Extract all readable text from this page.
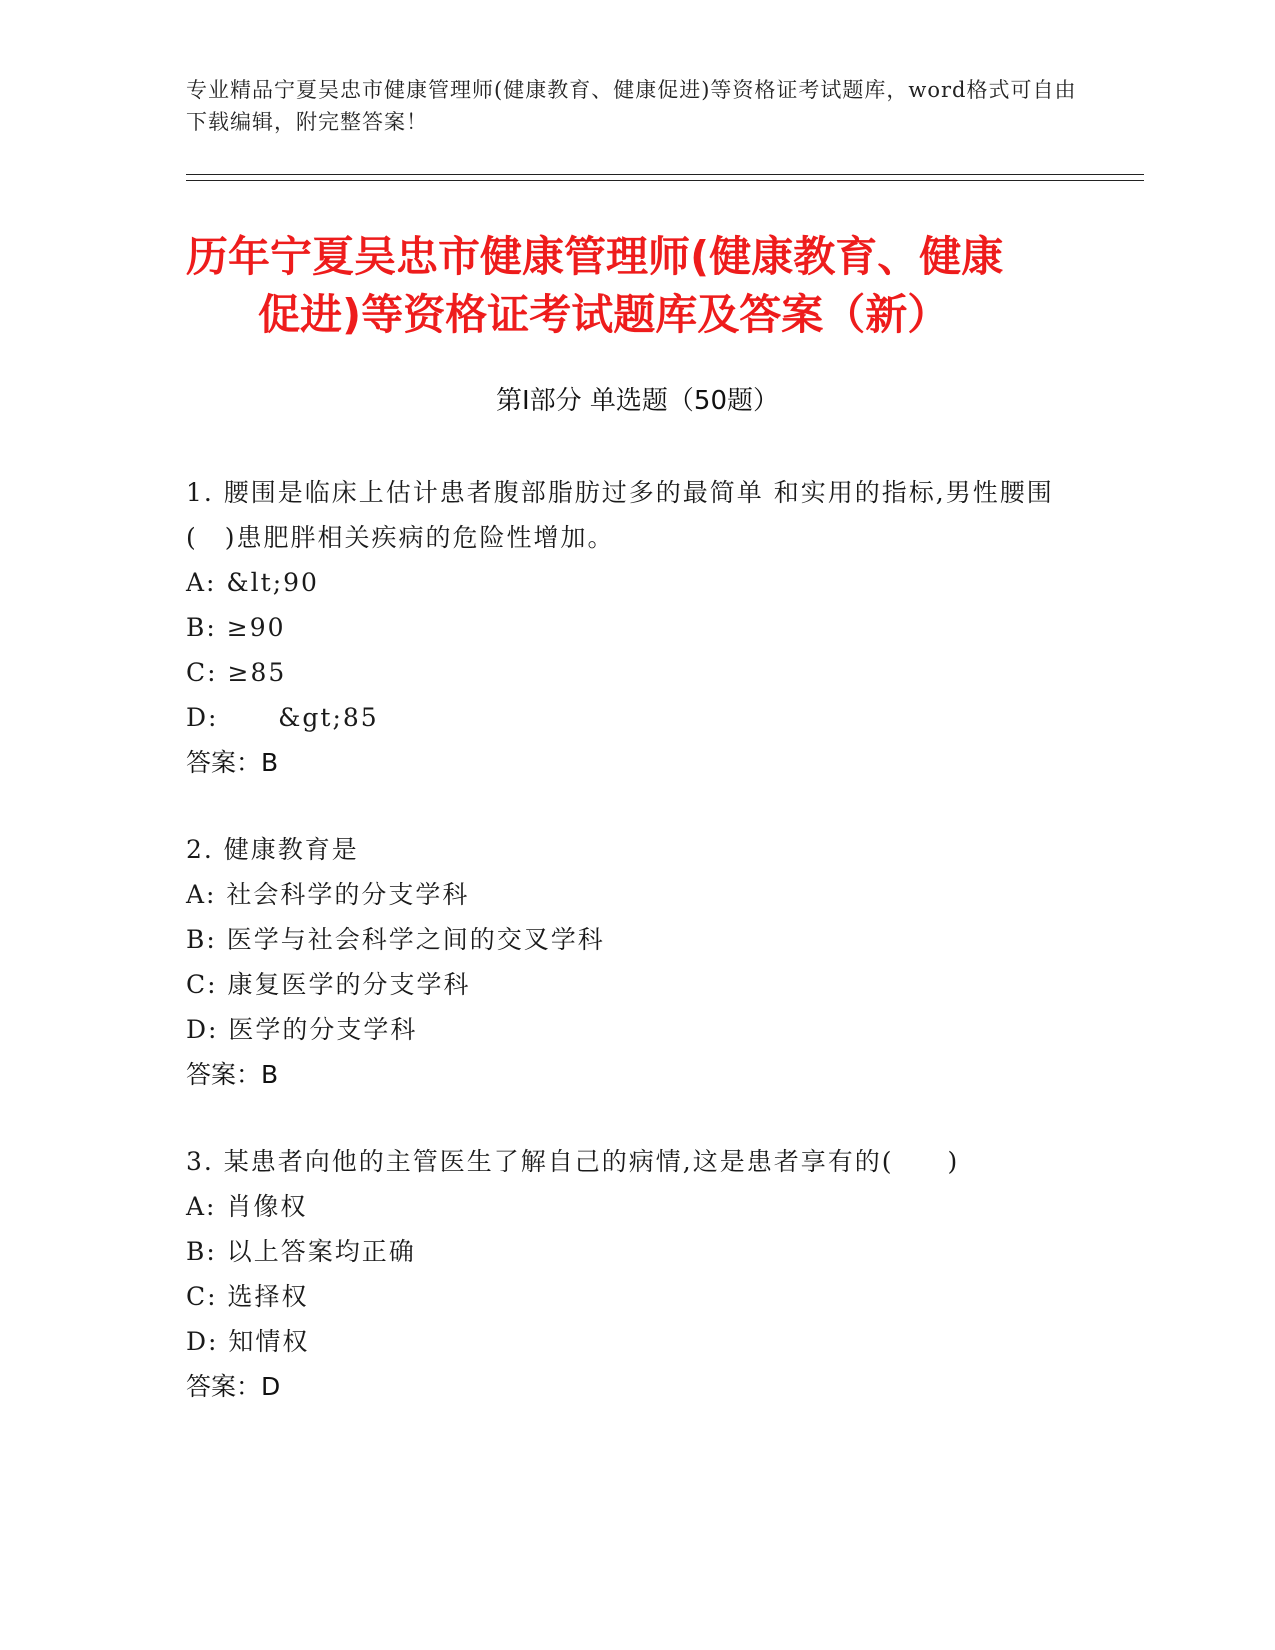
专业精品宁夏吴忠市健康管理师(健康教育、健康促进)等资格证考试题库，word格式可自由下载编辑，附完整答案！
历年宁夏吴忠市健康管理师(健康教育、健康
促进)等资格证考试题库及答案（新）
第Ⅰ部分 单选题（50题）
1. 腰围是临床上估计患者腹部脂肪过多的最简单 和实用的指标,男性腰围(　)患肥胖相关疾病的危险性增加。
A: &lt;90
B: ≥90
C: ≥85
D:      &gt;85
答案：B
2. 健康教育是
A: 社会科学的分支学科
B: 医学与社会科学之间的交叉学科
C: 康复医学的分支学科
D: 医学的分支学科
答案：B
3. 某患者向他的主管医生了解自己的病情,这是患者享有的(　　)
A: 肖像权
B: 以上答案均正确
C: 选择权
D: 知情权
答案：D
